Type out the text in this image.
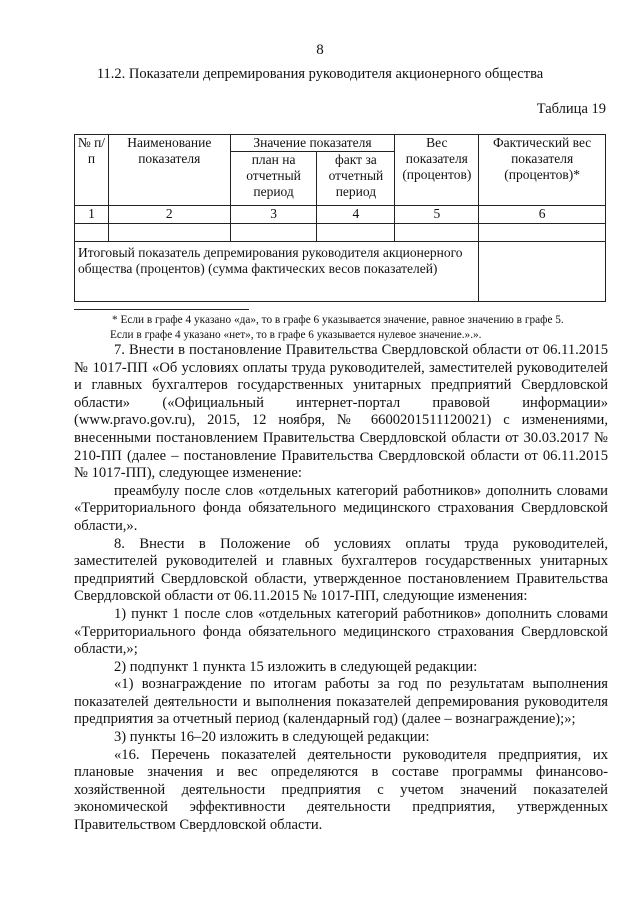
8
11.2. Показатели депремирования руководителя акционерного общества
Таблица 19
№ п/п	Наименование показателя	Значение показателя		Вес показателя (процентов)	Фактический вес показателя (процентов)*
		план на отчетный период	факт за отчетный период		
1	2	3	4	5	6

Итоговый показатель депремирования руководителя акционерного общества (процентов) (сумма фактических весов показателей)					
* Если в графе 4 указано «да», то в графе 6 указывается значение, равное значению в графе 5.
Если в графе 4 указано «нет», то в графе 6 указывается нулевое значение.».».

7. Внести в постановление Правительства Свердловской области от 06.11.2015 № 1017-ПП «Об условиях оплаты труда руководителей, заместителей руководителей и главных бухгалтеров государственных унитарных предприятий Свердловской области» («Официальный интернет-портал правовой информации» (www.pravo.gov.ru), 2015, 12 ноября, № 6600201511120021) с изменениями, внесенными постановлением Правительства Свердловской области от 30.03.2017 № 210-ПП (далее – постановление Правительства Свердловской области от 06.11.2015 № 1017-ПП), следующее изменение:

преамбулу после слов «отдельных категорий работников» дополнить словами «Территориального фонда обязательного медицинского страхования Свердловской области,».

8. Внести в Положение об условиях оплаты труда руководителей, заместителей руководителей и главных бухгалтеров государственных унитарных предприятий Свердловской области, утвержденное постановлением Правительства Свердловской области от 06.11.2015 № 1017-ПП, следующие изменения:

1) пункт 1 после слов «отдельных категорий работников» дополнить словами «Территориального фонда обязательного медицинского страхования Свердловской области,»;

2) подпункт 1 пункта 15 изложить в следующей редакции:

«1) вознаграждение по итогам работы за год по результатам выполнения показателей деятельности и выполнения показателей депремирования руководителя предприятия за отчетный период (календарный год) (далее – вознаграждение);»;

3) пункты 16–20 изложить в следующей редакции:

«16. Перечень показателей деятельности руководителя предприятия, их плановые значения и вес определяются в составе программы финансово-хозяйственной деятельности предприятия с учетом значений показателей экономической эффективности деятельности предприятия, утвержденных Правительством Свердловской области.
